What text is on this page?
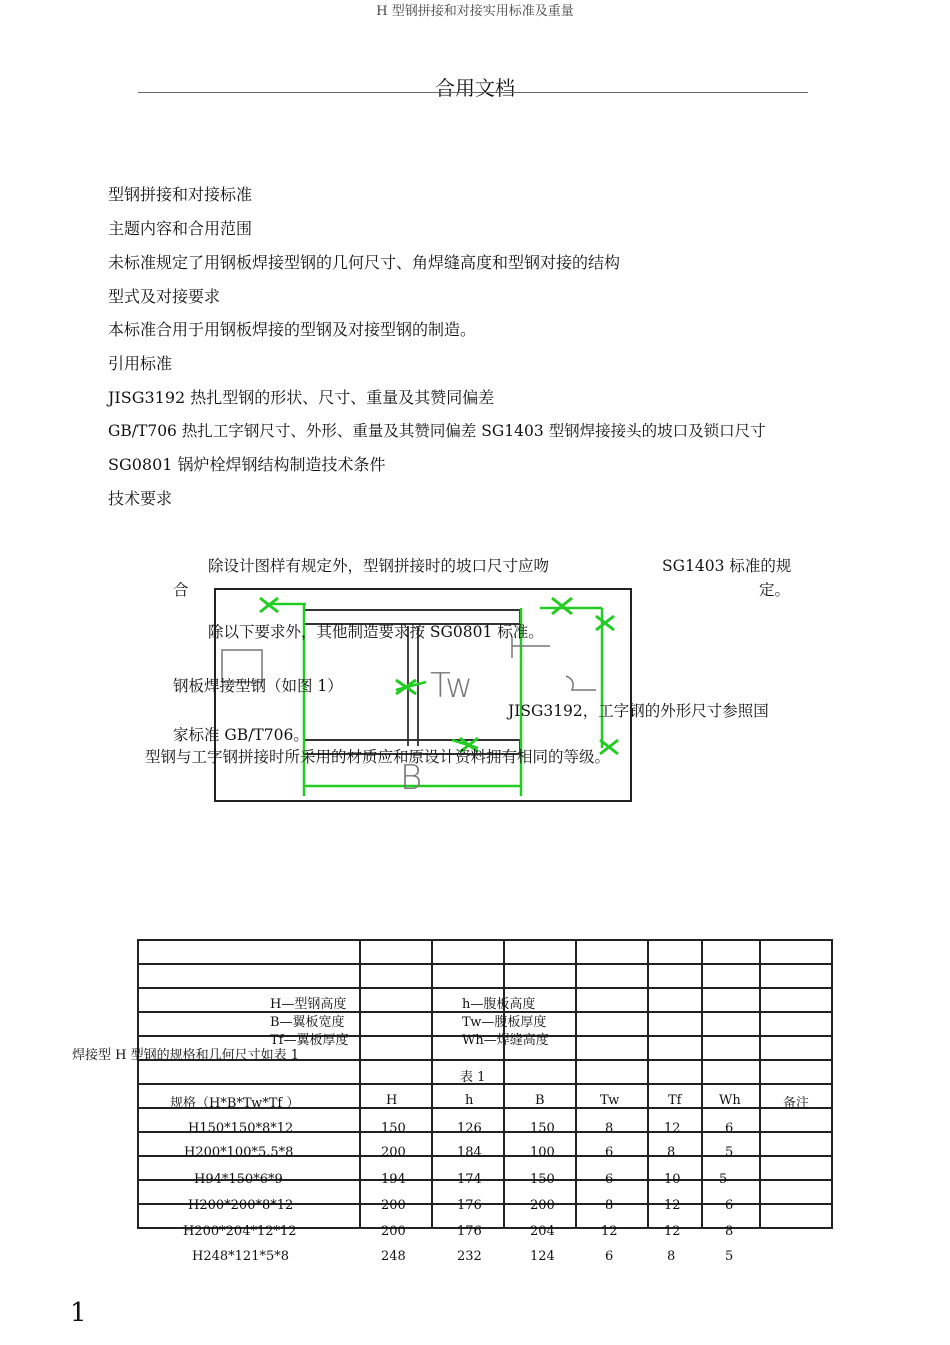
H 型钢拼接和对接实用标准及重量
合用文档
型钢拼接和对接标准
主题内容和合用范围
未标准规定了用钢板焊接型钢的几何尺寸、角焊缝高度和型钢对接的结构
型式及对接要求
本标准合用于用钢板焊接的型钢及对接型钢的制造。
引用标准
JISG3192 热扎型钢的形状、尺寸、重量及其赞同偏差
GB/T706 热扎工字钢尺寸、外形、重量及其赞同偏差 SG1403 型钢焊接接头的坡口及锁口尺寸
SG0801 锅炉栓焊钢结构制造技术条件
技术要求
Tw
B
除设计图样有规定外，型钢拼接时的坡口尺寸应吻	SG1403 标准的规
合	定。
除以下要求外，其他制造要求按 SG0801 标准。
钢板焊接型钢（如图 1）
JISG3192，工字钢的外形尺寸参照国
家标准 GB/T706。
型钢与工字钢拼接时所采用的材质应和原设计资料拥有相同的等级。

H—型钢高度
B—翼板宽度
Tf—翼板厚度
h—腹板高度
Tw—腹板厚度
Wh—焊缝高度
焊接型 H 型钢的规格和几何尺寸如表 1
表 1
规格（H*B*Tw*Tf ）	H	h	B	Tw	Tf	Wh	备注
H150*150*8*12	150	126	150	8	12	6
H200*100*5.5*8	200	184	100	6	8	5
H94*150*6*9	194	174	150	6	10	5
H200*200*8*12	200	176	200	8	12	6
H200*204*12*12	200	176	204	12	12	8
H248*121*5*8	248	232	124	6	8	5
1
